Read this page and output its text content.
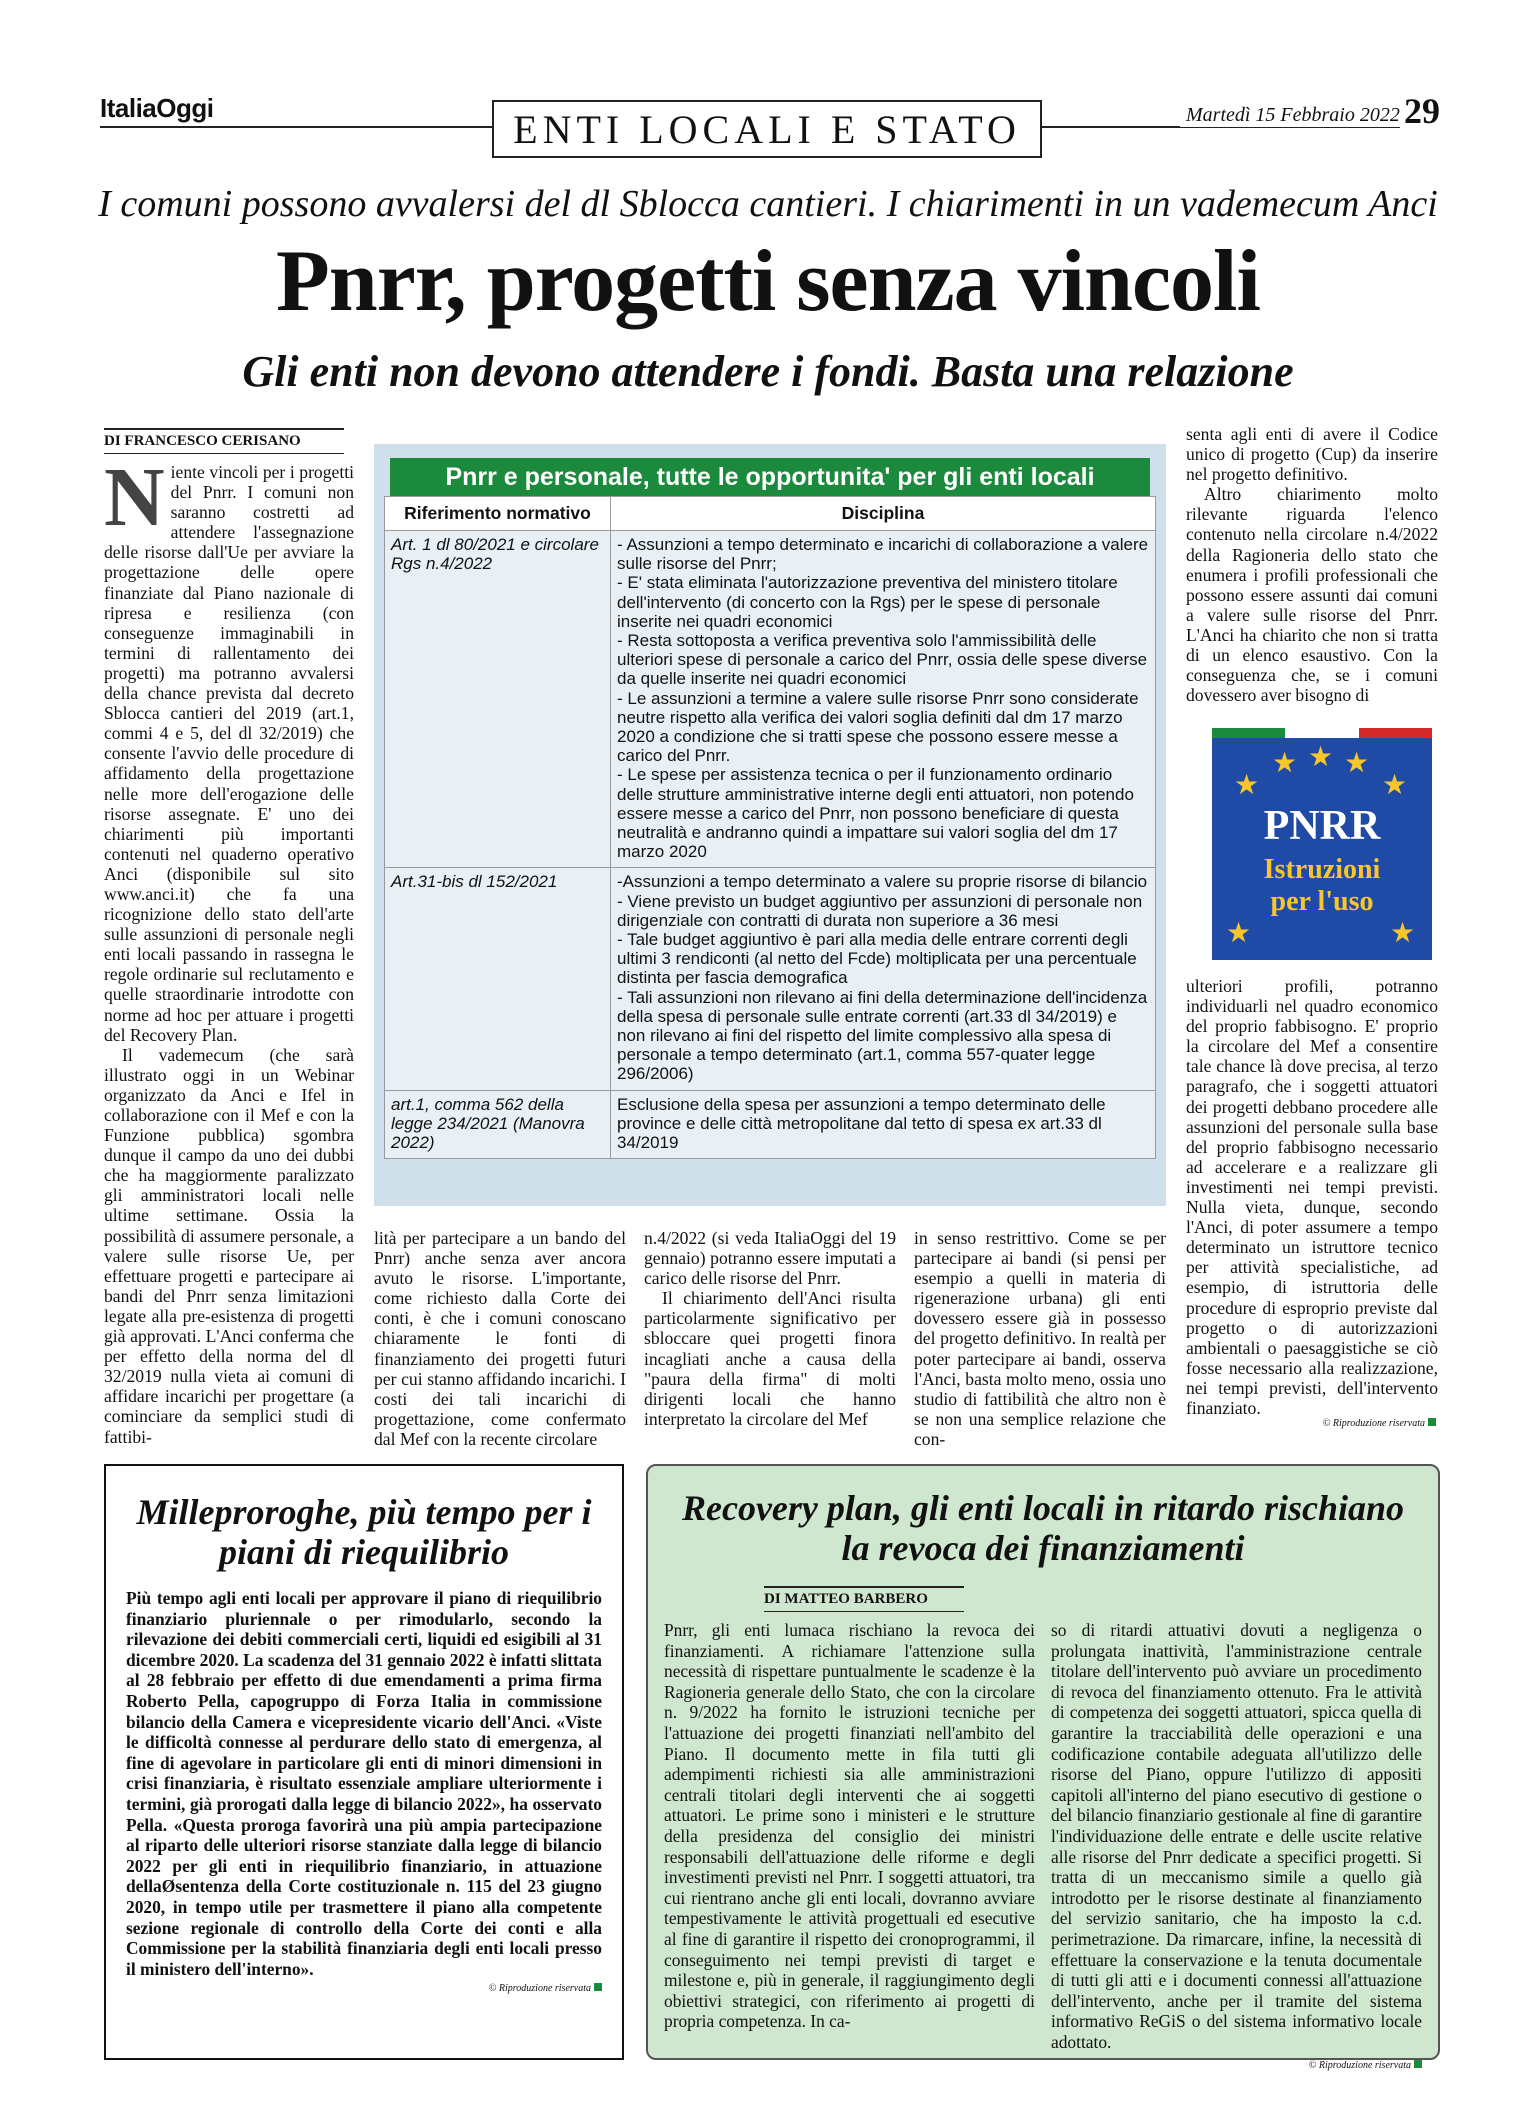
ItaliaOggi	ENTI LOCALI E STATO	Martedì 15 Febbraio 2022 29
I comuni possono avvalersi del dl Sblocca cantieri. I chiarimenti in un vademecum Anci
Pnrr, progetti senza vincoli
Gli enti non devono attendere i fondi. Basta una relazione
DI FRANCESCO CERISANO

Niente vincoli per i progetti del Pnrr. I comuni non saranno costretti ad attendere l'assegnazione delle risorse dall'Ue per avviare la progettazione delle opere finanziate dal Piano nazionale di ripresa e resilienza (con conseguenze immaginabili in termini di rallentamento dei progetti) ma potranno avvalersi della chance prevista dal decreto Sblocca cantieri del 2019 (art.1, commi 4 e 5, del dl 32/2019) che consente l'avvio delle procedure di affidamento della progettazione nelle more dell'erogazione delle risorse assegnate. E' uno dei chiarimenti più importanti contenuti nel quaderno operativo Anci (disponibile sul sito www.anci.it) che fa una ricognizione dello stato dell'arte sulle assunzioni di personale negli enti locali passando in rassegna le regole ordinarie sul reclutamento e quelle straordinarie introdotte con norme ad hoc per attuare i progetti del Recovery Plan.

Il vademecum (che sarà illustrato oggi in un Webinar organizzato da Anci e Ifel in collaborazione con il Mef e con la Funzione pubblica) sgombra dunque il campo da uno dei dubbi che ha maggiormente paralizzato gli amministratori locali nelle ultime settimane. Ossia la possibilità di assumere personale, a valere sulle risorse Ue, per effettuare progetti e partecipare ai bandi del Pnrr senza limitazioni legate alla pre-esistenza di progetti già approvati. L'Anci conferma che per effetto della norma del dl 32/2019 nulla vieta ai comuni di affidare incarichi per progettare (a cominciare da semplici studi di fattibi-

Pnrr e personale, tutte le opportunita' per gli enti locali
Riferimento normativo	Disciplina
Art. 1 dl 80/2021 e circolare Rgs n.4/2022	- Assunzioni a tempo determinato e incarichi di collaborazione a valere sulle risorse del Pnrr;
- E' stata eliminata l'autorizzazione preventiva del ministero titolare dell'intervento (di concerto con la Rgs) per le spese di personale inserite nei quadri economici
- Resta sottoposta a verifica preventiva solo l'ammissibilità delle ulteriori spese di personale a carico del Pnrr, ossia delle spese diverse da quelle inserite nei quadri economici
- Le assunzioni a termine a valere sulle risorse Pnrr sono considerate neutre rispetto alla verifica dei valori soglia definiti dal dm 17 marzo 2020 a condizione che si tratti spese che possono essere messe a carico del Pnrr.
- Le spese per assistenza tecnica o per il funzionamento ordinario delle strutture amministrative interne degli enti attuatori, non potendo essere messe a carico del Pnrr, non possono beneficiare di questa neutralità e andranno quindi a impattare sui valori soglia del dm 17 marzo 2020
Art.31-bis dl 152/2021	-Assunzioni a tempo determinato a valere su proprie risorse di bilancio
- Viene previsto un budget aggiuntivo per assunzioni di personale non dirigenziale con contratti di durata non superiore a 36 mesi
- Tale budget aggiuntivo è pari alla media delle entrare correnti degli ultimi 3 rendiconti (al netto del Fcde) moltiplicata per una percentuale distinta per fascia demografica
- Tali assunzioni non rilevano ai fini della determinazione dell'incidenza della spesa di personale sulle entrate correnti (art.33 dl 34/2019) e non rilevano ai fini del rispetto del limite complessivo alla spesa di personale a tempo determinato (art.1, comma 557-quater legge 296/2006)
art.1, comma 562 della legge 234/2021 (Manovra 2022)	Esclusione della spesa per assunzioni a tempo determinato delle province e delle città metropolitane dal tetto di spesa ex art.33 dl 34/2019

lità per partecipare a un bando del Pnrr) anche senza aver ancora avuto le risorse. L'importante, come richiesto dalla Corte dei conti, è che i comuni conoscano chiaramente le fonti di finanziamento dei progetti futuri per cui stanno affidando incarichi. I costi dei tali incarichi di progettazione, come confermato dal Mef con la recente circolare

n.4/2022 (si veda ItaliaOggi del 19 gennaio) potranno essere imputati a carico delle risorse del Pnrr.

Il chiarimento dell'Anci risulta particolarmente significativo per sbloccare quei progetti finora incagliati anche a causa della "paura della firma" di molti dirigenti locali che hanno interpretato la circolare del Mef

in senso restrittivo. Come se per partecipare ai bandi (si pensi per esempio a quelli in materia di rigenerazione urbana) gli enti dovessero essere già in possesso del progetto definitivo. In realtà per poter partecipare ai bandi, osserva l'Anci, basta molto meno, ossia uno studio di fattibilità che altro non è se non una semplice relazione che con-

senta agli enti di avere il Codice unico di progetto (Cup) da inserire nel progetto definitivo.

Altro chiarimento molto rilevante riguarda l'elenco contenuto nella circolare n.4/2022 della Ragioneria dello stato che enumera i profili professionali che possono essere assunti dai comuni a valere sulle risorse del Pnrr. L'Anci ha chiarito che non si tratta di un elenco esaustivo. Con la conseguenza che, se i comuni dovessero aver bisogno di

★ ★ ★
★	★
★	★
PNRR
Istruzioni
per l'uso

ulteriori profili, potranno individuarli nel quadro economico del proprio fabbisogno. E' proprio la circolare del Mef a consentire tale chance là dove precisa, al terzo paragrafo, che i soggetti attuatori dei progetti debbano procedere alle assunzioni del personale sulla base del proprio fabbisogno necessario ad accelerare e a realizzare gli investimenti nei tempi previsti. Nulla vieta, dunque, secondo l'Anci, di poter assumere a tempo determinato un istruttore tecnico per attività specialistiche, ad esempio, di istruttoria delle procedure di esproprio previste dal progetto o di autorizzazioni ambientali o paesaggistiche se ciò fosse necessario alla realizzazione, nei tempi previsti, dell'intervento finanziato.

© Riproduzione riservata
Milleproroghe, più tempo per i piani di riequilibrio
Più tempo agli enti locali per approvare il piano di riequilibrio finanziario pluriennale o per rimodularlo, secondo la rilevazione dei debiti commerciali certi, liquidi ed esigibili al 31 dicembre 2020. La scadenza del 31 gennaio 2022 è infatti slittata al 28 febbraio per effetto di due emendamenti a prima firma Roberto Pella, capogruppo di Forza Italia in commissione bilancio della Camera e vicepresidente vicario dell'Anci. «Viste le difficoltà connesse al perdurare dello stato di emergenza, al fine di agevolare in particolare gli enti di minori dimensioni in crisi finanziaria, è risultato essenziale ampliare ulteriormente i termini, già prorogati dalla legge di bilancio 2022», ha osservato Pella. «Questa proroga favorirà una più ampia partecipazione al riparto delle ulteriori risorse stanziate dalla legge di bilancio 2022 per gli enti in riequilibrio finanziario, in attuazione dellaØsentenza della Corte costituzionale n. 115 del 23 giugno 2020, in tempo utile per trasmettere il piano alla competente sezione regionale di controllo della Corte dei conti e alla Commissione per la stabilità finanziaria degli enti locali presso il ministero dell'interno».
© Riproduzione riservata
Recovery plan, gli enti locali in ritardo rischiano la revoca dei finanziamenti
DI MATTEO BARBERO
Pnrr, gli enti lumaca rischiano la revoca dei finanziamenti. A richiamare l'attenzione sulla necessità di rispettare puntualmente le scadenze è la Ragioneria generale dello Stato, che con la circolare n. 9/2022 ha fornito le istruzioni tecniche per l'attuazione dei progetti finanziati nell'ambito del Piano. Il documento mette in fila tutti gli adempimenti richiesti sia alle amministrazioni centrali titolari degli interventi che ai soggetti attuatori. Le prime sono i ministeri e le strutture della presidenza del consiglio dei ministri responsabili dell'attuazione delle riforme e degli investimenti previsti nel Pnrr. I soggetti attuatori, tra cui rientrano anche gli enti locali, dovranno avviare tempestivamente le attività progettuali ed esecutive al fine di garantire il rispetto dei cronoprogrammi, il conseguimento nei tempi previsti di target e milestone e, più in generale, il raggiungimento degli obiettivi strategici, con riferimento ai progetti di propria competenza. In ca-
so di ritardi attuativi dovuti a negligenza o prolungata inattività, l'amministrazione centrale titolare dell'intervento può avviare un procedimento di revoca del finanziamento ottenuto. Fra le attività di competenza dei soggetti attuatori, spicca quella di garantire la tracciabilità delle operazioni e una codificazione contabile adeguata all'utilizzo delle risorse del Piano, oppure l'utilizzo di appositi capitoli all'interno del piano esecutivo di gestione o del bilancio finanziario gestionale al fine di garantire l'individuazione delle entrate e delle uscite relative alle risorse del Pnrr dedicate a specifici progetti. Si tratta di un meccanismo simile a quello già introdotto per le risorse destinate al finanziamento del servizio sanitario, che ha imposto la c.d. perimetrazione. Da rimarcare, infine, la necessità di effettuare la conservazione e la tenuta documentale di tutti gli atti e i documenti connessi all'attuazione dell'intervento, anche per il tramite del sistema informativo ReGiS o del sistema informativo locale adottato.
© Riproduzione riservata
